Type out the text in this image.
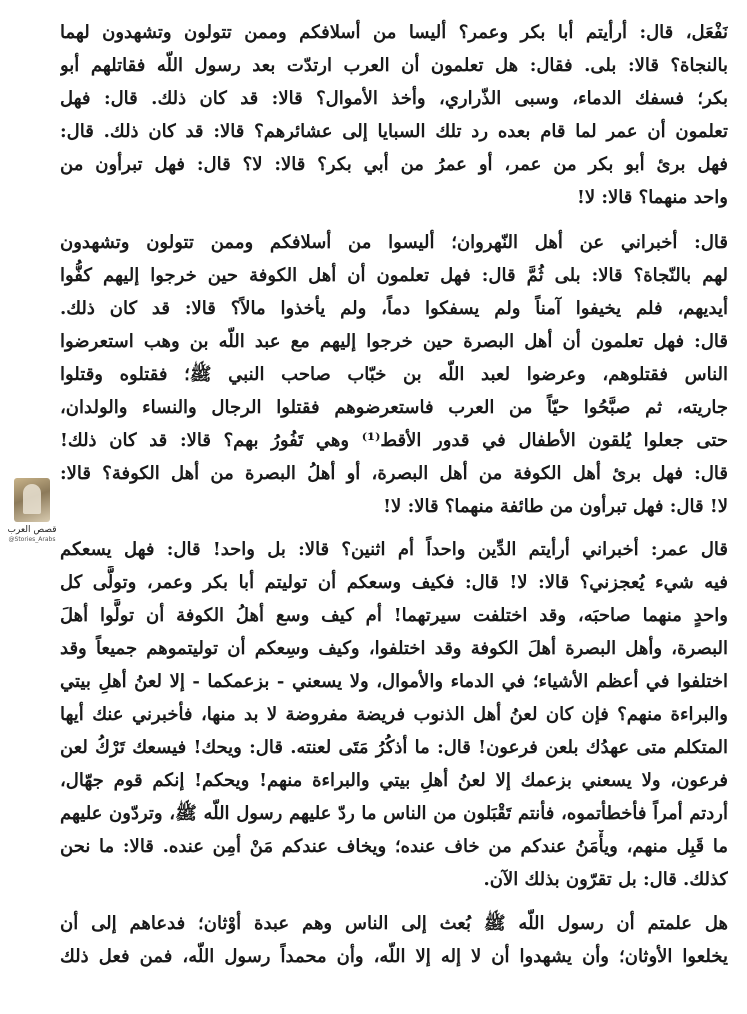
نَفْعَل، قال: أرأيتم أبا بكر وعمر؟ أليسا من أسلافكم وممن تتولون وتشهدون لهما
بالنجاة؟ قالا: بلى. فقال: هل تعلمون أن العرب ارتدّت بعد رسول اللّه فقاتلهم أبو
بكر؛ فسفك الدماء، وسبى الذّراري، وأخذ الأموال؟ قالا: قد كان ذلك. قال: فهل
تعلمون أن عمر لما قام بعده رد تلك السبايا إلى عشائرهم؟ قالا: قد كان ذلك. قال:
فهل برئ أبو بكر من عمر، أو عمرُ من أبي بكر؟ قالا: لا؟ قال: فهل تبرأون من
واحد منهما؟ قالا: لا!
قال: أخبراني عن أهل النّهروان؛ أليسوا من أسلافكم وممن تتولون وتشهدون
لهم بالنّجاة؟ قالا: بلى ثُمَّ قال: فهل تعلمون أن أهل الكوفة حين خرجوا إليهم كفُّوا
أيديهم، فلم يخيفوا آمناً ولم يسفكوا دماً، ولم يأخذوا مالاً؟ قالا: قد كان ذلك.
قال: فهل تعلمون أن أهل البصرة حين خرجوا إليهم مع عبد اللّه بن وهب استعرضوا
الناس فقتلوهم، وعرضوا لعبد اللّه بن خبّاب صاحب النبي ﷺ؛ فقتلوه وقتلوا
جاريته، ثم صبَّحُوا حيّاً من العرب فاستعرضوهم فقتلوا الرجال والنساء والولدان،
حتى جعلوا يُلقون الأطفال في قدور الأقط⁽¹⁾ وهي تَفُورُ بهم؟ قالا: قد كان ذلك!
قال: فهل برئ أهل الكوفة من أهل البصرة، أو أهلُ البصرة من أهل الكوفة؟ قالا:
لا! قال: فهل تبرأون من طائفة منهما؟ قالا: لا!
قال عمر: أخبراني أرأيتم الدِّين واحداً أم اثنين؟ قالا: بل واحد! قال: فهل يسعكم
فيه شيء يُعجزني؟ قالا: لا! قال: فكيف وسعكم أن توليتم أبا بكر وعمر، وتولَّى كل
واحدٍ منهما صاحبَه، وقد اختلفت سيرتهما! أم كيف وسع أهلُ الكوفة أن تولَّوا أهلَ
البصرة، وأهل البصرة أهلَ الكوفة وقد اختلفوا، وكيف وسِعكم أن توليتموهم جميعاً وقد
اختلفوا في أعظم الأشياء؛ في الدماء والأموال، ولا يسعني - بزعمكما - إلا لعنُ أهلِ بيتي
والبراءة منهم؟ فإن كان لعنُ أهل الذنوب فريضة مفروضة لا بد منها، فأخبرني عنك أيها
المتكلم متى عهدُك بلعن فرعون! قال: ما أذكُرُ مَتَى لعنته. قال: ويحك! فيسعك تَرْكُ لعن
فرعون، ولا يسعني بزعمك إلا لعنُ أهلِ بيتي والبراءة منهم! ويحكم! إنكم قوم جهّال،
أردتم أمراً فأخطأتموه، فأنتم تَقْبَلون من الناس ما ردّ عليهم رسول اللّه ﷺ، وتردّون عليهم
ما قَبِل منهم، ويأْمَنُ عندكم من خاف عنده؛ ويخاف عندكم مَنْ أمِن عنده. قالا: ما نحن
كذلك. قال: بل تقرّون بذلك الآن.
هل علمتم أن رسول اللّه ﷺ بُعث إلى الناس وهم عبدة أوْثان؛ فدعاهم إلى أن
يخلعوا الأوثان؛ وأن يشهدوا أن لا إله إلا اللّه، وأن محمداً رسول اللّه، فمن فعل ذلك
قصص العرب
@Stories_Arabs
